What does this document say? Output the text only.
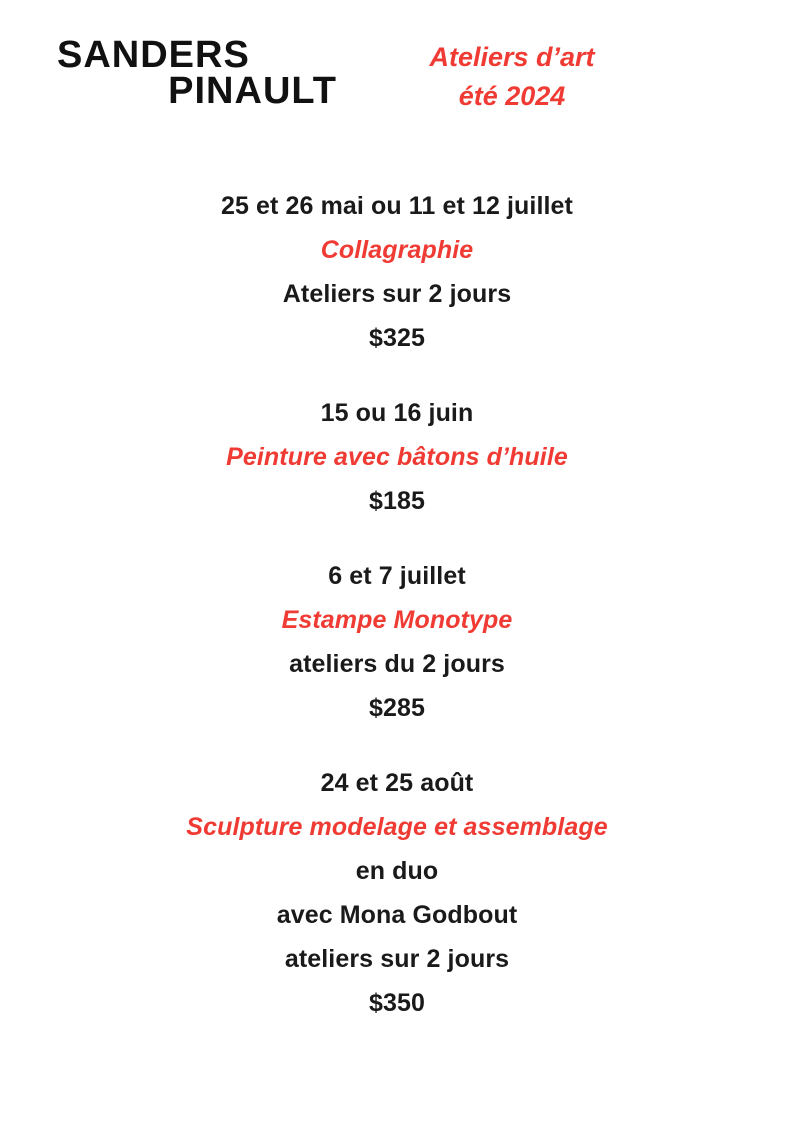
SANDERS
PINAULT
Ateliers d’art
été 2024
25 et 26 mai ou 11 et 12 juillet
Collagraphie
Ateliers sur 2 jours
$325
15 ou 16 juin
Peinture avec bâtons d’huile
$185
6 et 7 juillet
Estampe Monotype
ateliers du 2 jours
$285
24 et 25 août
Sculpture modelage et assemblage
en duo
avec Mona Godbout
ateliers sur 2 jours
$350
